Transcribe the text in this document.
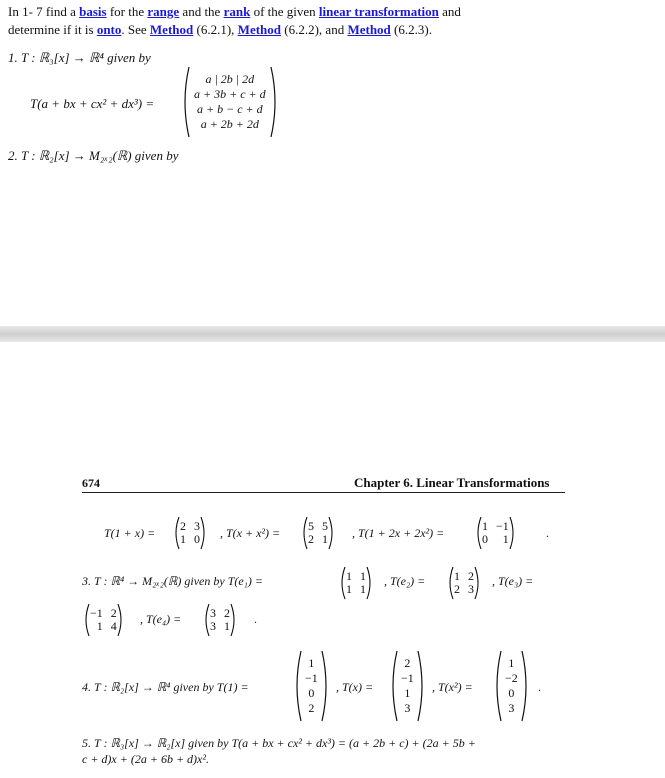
In 1- 7 find a basis for the range and the rank of the given linear transformation and
determine if it is onto. See Method (6.2.1), Method (6.2.2), and Method (6.2.3).
1. T : ℝ₃[x] → ℝ⁴ given by
T(a + bx + cx² + dx³) =
a | 2b | 2d
a + 3b + c + d
a + b − c + d
a + 2b + 2d
2. T : ℝ₂[x] → M₂ₓ₂(ℝ) given by
674	Chapter 6. Linear Transformations
T(1 + x) = 2 3
1 0 , T(x + x²) = 5 5
2 1 , T(1 + 2x + 2x²) =	1 −1
0	1	.
3. T : ℝ⁴ → M₂ₓ₂(ℝ) given by T(e₁) =	1 1
1 1
, T(e₂) = 1 2
2 3
, T(e₃) =
−1 2
1 4 , T(e₄) = 3 2
3 1 .
4. T : ℝ₂[x] → ℝ⁴ given by T(1) =
1
−1
0
2
, T(x) =
2
−1
1
3
, T(x²) =
1
−2
0
3
.
5. T : ℝ₃[x] → ℝ₂[x] given by T(a + bx + cx² + dx³) = (a + 2b + c) + (2a + 5b +
c + d)x + (2a + 6b + d)x².
